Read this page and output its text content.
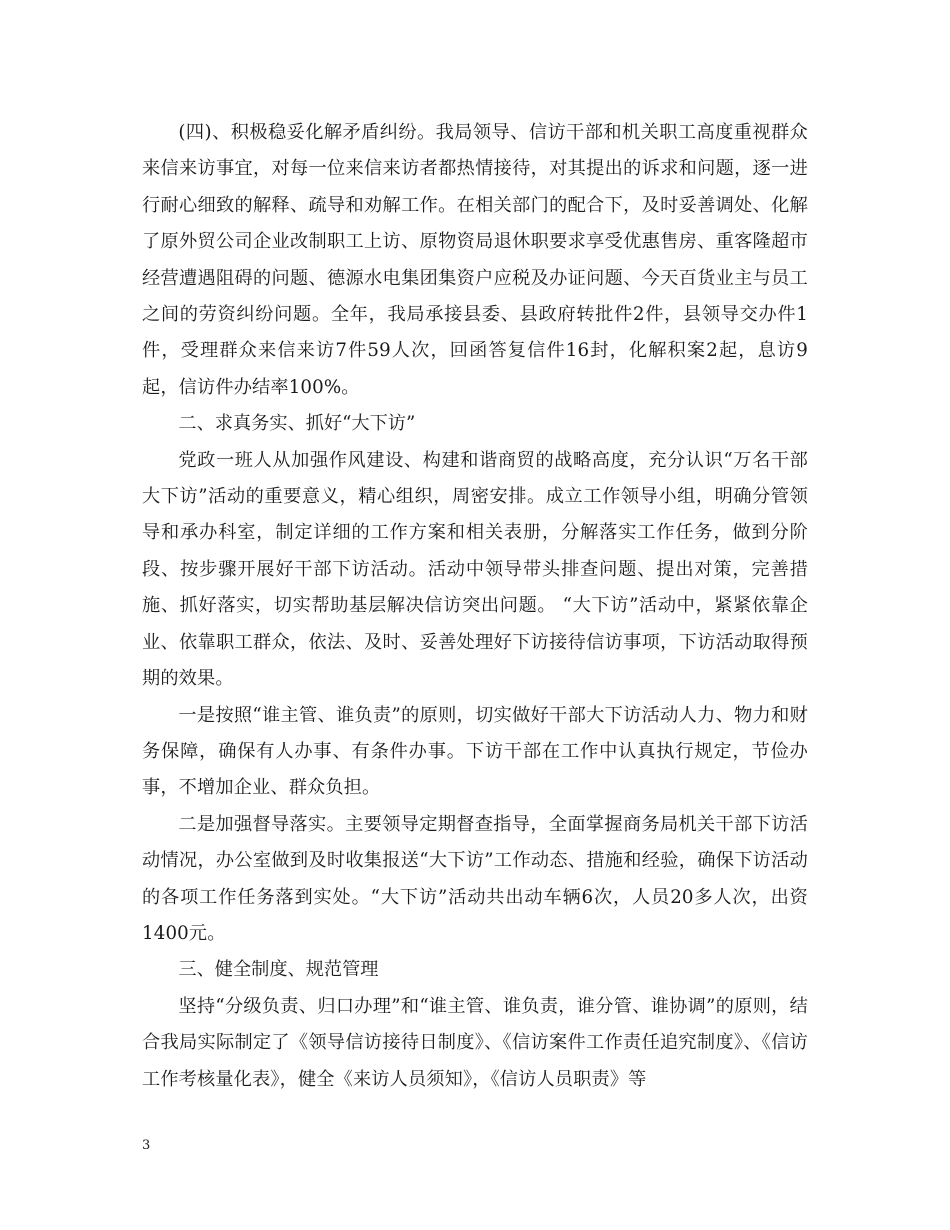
(四)、积极稳妥化解矛盾纠纷。我局领导、信访干部和机关职工高度重视群众来信来访事宜，对每一位来信来访者都热情接待，对其提出的诉求和问题，逐一进行耐心细致的解释、疏导和劝解工作。在相关部门的配合下，及时妥善调处、化解了原外贸公司企业改制职工上访、原物资局退休职要求享受优惠售房、重客隆超市经营遭遇阻碍的问题、德源水电集团集资户应税及办证问题、今天百货业主与员工之间的劳资纠纷问题。全年，我局承接县委、县政府转批件2件，县领导交办件1件，受理群众来信来访7件59人次，回函答复信件16封，化解积案2起，息访9起，信访件办结率100%。

二、求真务实、抓好“大下访”

党政一班人从加强作风建设、构建和谐商贸的战略高度，充分认识“万名干部大下访”活动的重要意义，精心组织，周密安排。成立工作领导小组，明确分管领导和承办科室，制定详细的工作方案和相关表册，分解落实工作任务，做到分阶段、按步骤开展好干部下访活动。活动中领导带头排查问题、提出对策，完善措施、抓好落实，切实帮助基层解决信访突出问题。 “大下访”活动中，紧紧依靠企业、依靠职工群众，依法、及时、妥善处理好下访接待信访事项，下访活动取得预期的效果。

一是按照“谁主管、谁负责”的原则，切实做好干部大下访活动人力、物力和财务保障，确保有人办事、有条件办事。下访干部在工作中认真执行规定，节俭办事，不增加企业、群众负担。

二是加强督导落实。主要领导定期督查指导，全面掌握商务局机关干部下访活动情况，办公室做到及时收集报送“大下访”工作动态、措施和经验，确保下访活动的各项工作任务落到实处。“大下访”活动共出动车辆6次，人员20多人次，出资1400元。

三、健全制度、规范管理

坚持“分级负责、归口办理”和“谁主管、谁负责，谁分管、谁协调”的原则，结合我局实际制定了《领导信访接待日制度》、《信访案件工作责任追究制度》、《信访工作考核量化表》，健全《来访人员须知》，《信访人员职责》等

3
